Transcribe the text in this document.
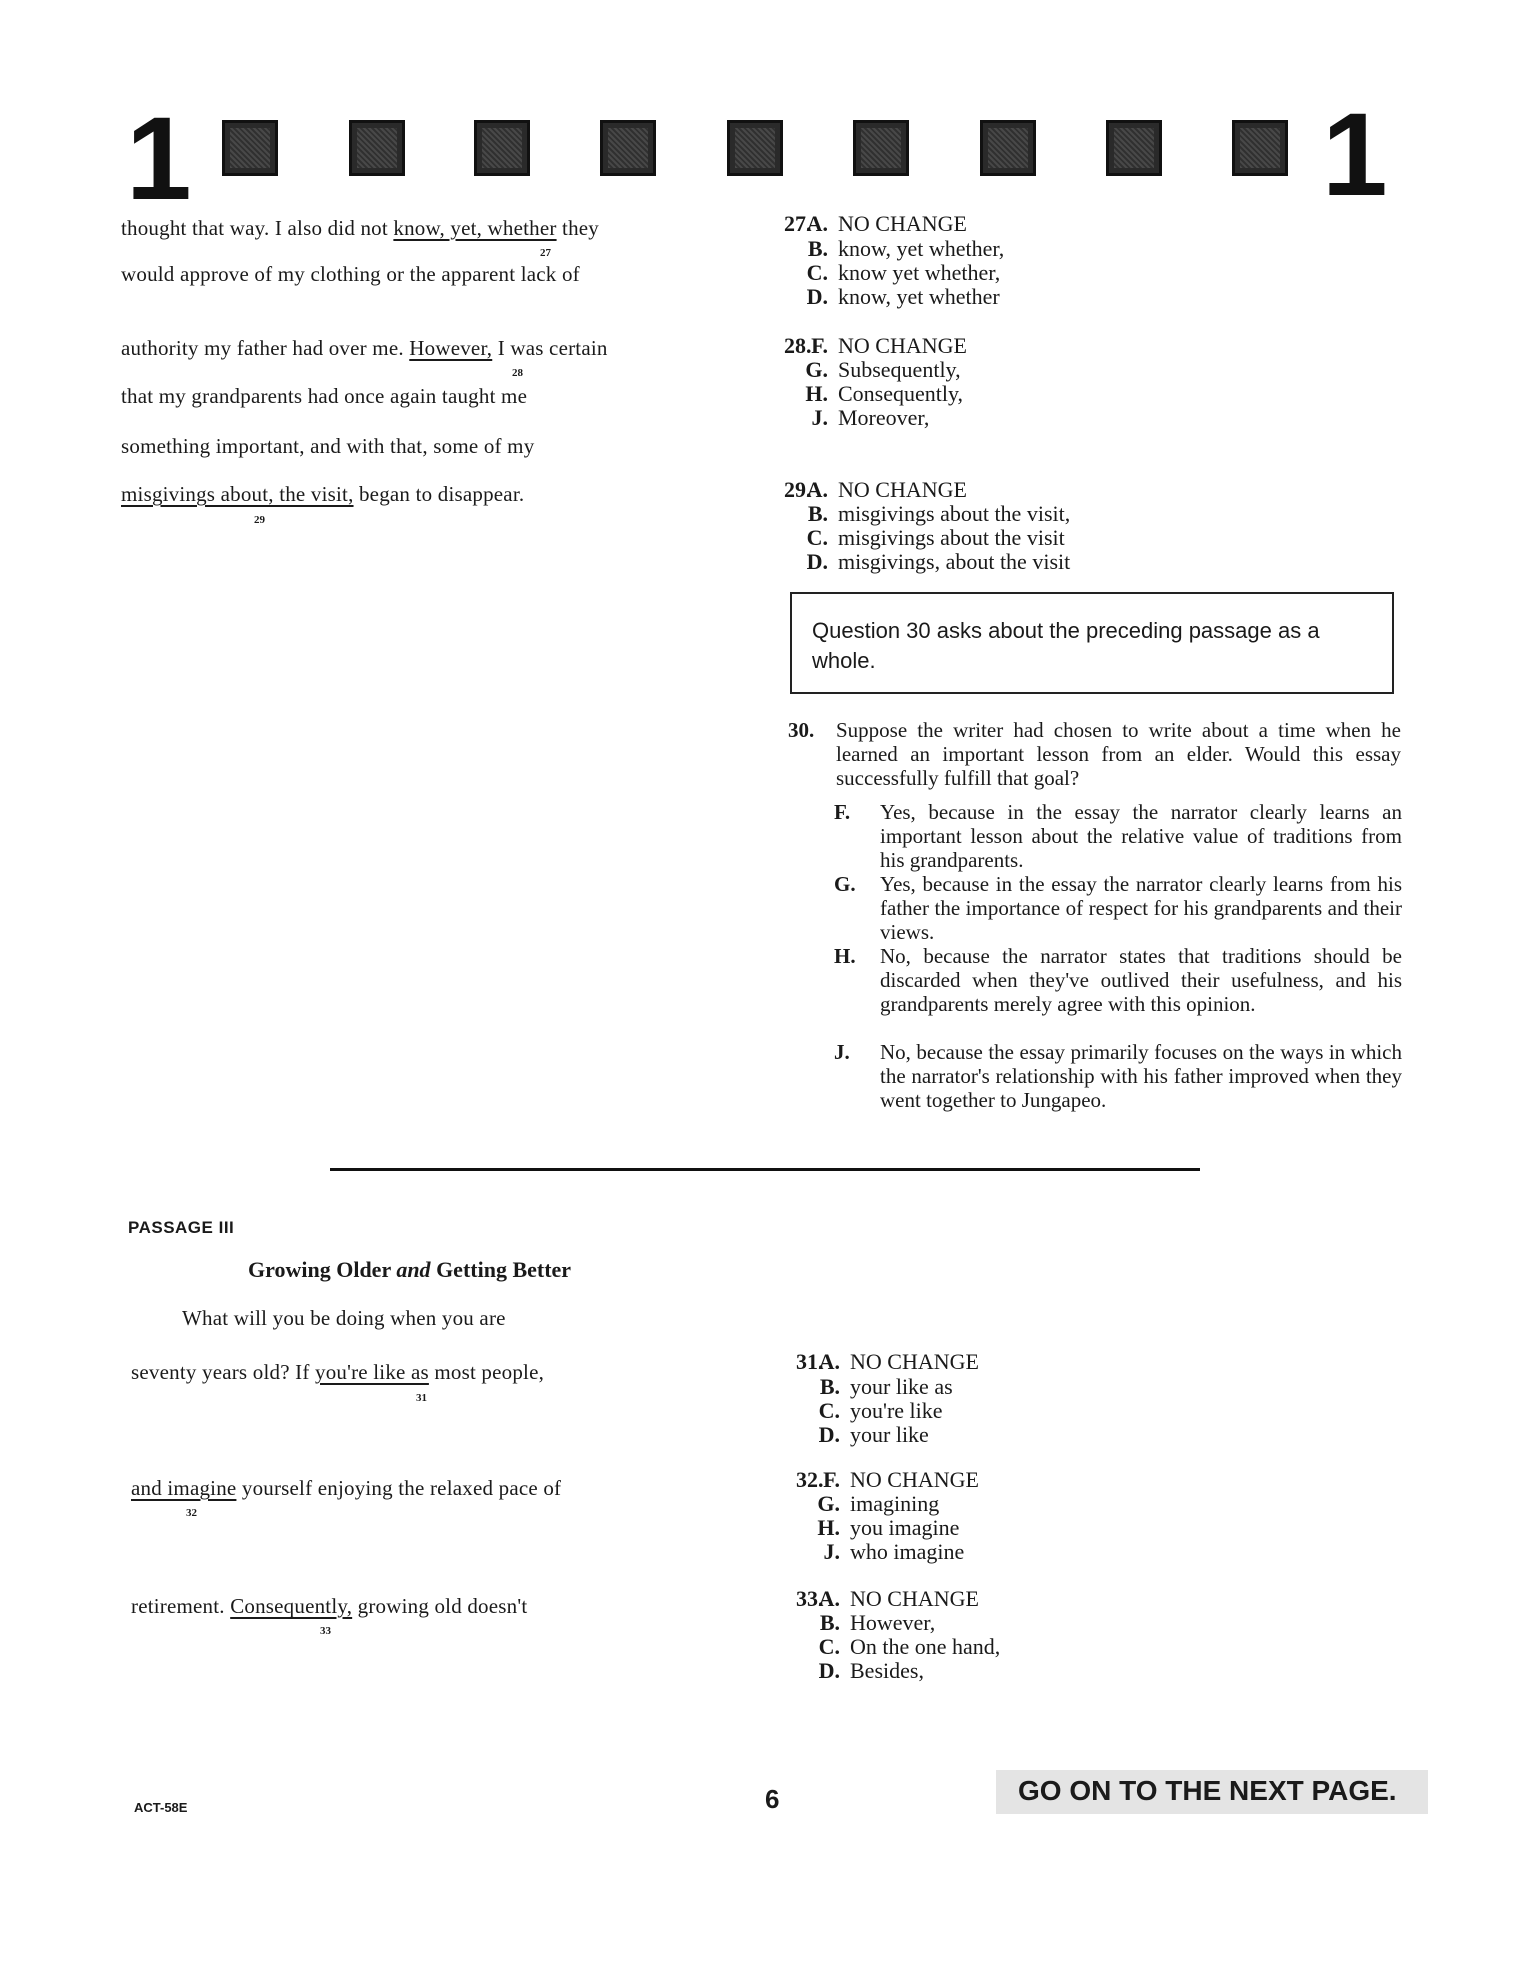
1	1
thought that way. I also did not know, yet, whether they
27
would approve of my clothing or the apparent lack of
authority my father had over me. However, I was certain
28
that my grandparents had once again taught me
something important, and with that, some of my
misgivings about, the visit, began to disappear.
29
27.
A. NO CHANGE
B. know, yet whether,
C. know yet whether,
D. know, yet whether
28. F. NO CHANGE
G. Subsequently,
H. Consequently,
J. Moreover,
29.
A. NO CHANGE
B. misgivings about the visit,
C. misgivings about the visit
D. misgivings, about the visit
Question 30 asks about the preceding passage as a whole.
30. Suppose the writer had chosen to write about a time when he learned an important lesson from an elder. Would this essay successfully fulfill that goal?
F. Yes, because in the essay the narrator clearly learns an important lesson about the relative value of traditions from his grandparents.
G. Yes, because in the essay the narrator clearly learns from his father the importance of respect for his grandparents and their views.
H. No, because the narrator states that traditions should be discarded when they've outlived their usefulness, and his grandparents merely agree with this opinion.
J. No, because the essay primarily focuses on the ways in which the narrator's relationship with his father improved when they went together to Jungapeo.
PASSAGE III
Growing Older and Getting Better
What will you be doing when you are
seventy years old? If you're like as most people,
31
and imagine yourself enjoying the relaxed pace of
32
retirement. Consequently, growing old doesn't
33
31.
A. NO CHANGE
B. your like as
C. you're like
D. your like
32. F. NO CHANGE
G. imagining
H. you imagine
J. who imagine
33.
A. NO CHANGE
B. However,
C. On the one hand,
D. Besides,
ACT-58E	6	GO ON TO THE NEXT PAGE.
